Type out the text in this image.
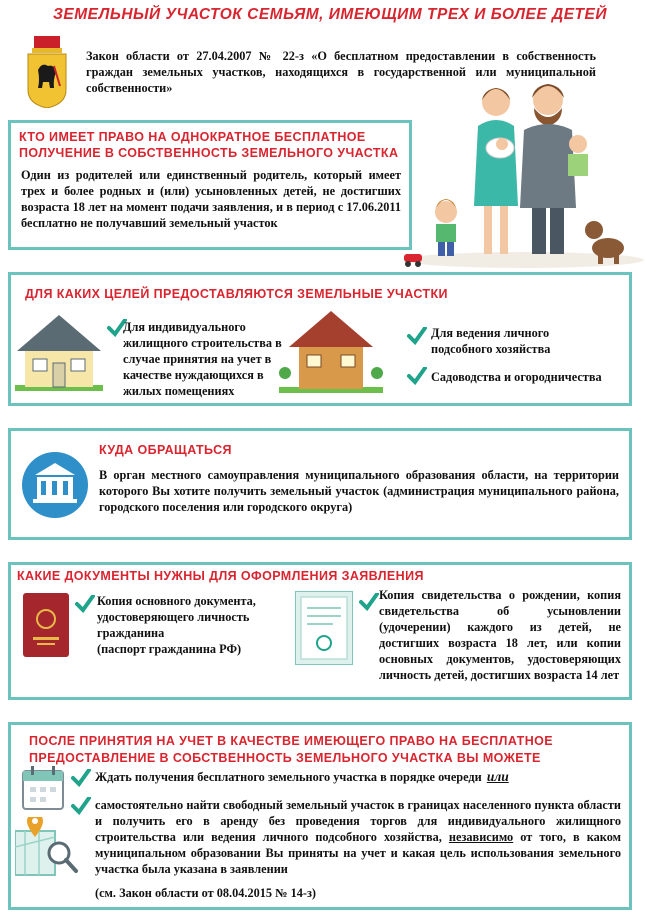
ЗЕМЕЛЬНЫЙ УЧАСТОК СЕМЬЯМ, ИМЕЮЩИМ ТРЕХ И БОЛЕЕ ДЕТЕЙ
Закон области от 27.04.2007 № 22-з «О бесплатном предоставлении в собственность граждан земельных участков, находящихся в государственной или муниципальной собственности»
КТО ИМЕЕТ ПРАВО НА ОДНОКРАТНОЕ БЕСПЛАТНОЕ
ПОЛУЧЕНИЕ В СОБСТВЕННОСТЬ ЗЕМЕЛЬНОГО УЧАСТКА
Один из родителей или единственный родитель, который имеет трех и более родных и (или) усыновленных детей, не достигших возраста 18 лет на момент подачи заявления, и в период с 17.06.2011 бесплатно не получавший земельный участок
ДЛЯ КАКИХ ЦЕЛЕЙ ПРЕДОСТАВЛЯЮТСЯ ЗЕМЕЛЬНЫЕ УЧАСТКИ
Для индивидуального жилищного строительства в случае принятия на учет в качестве нуждающихся в жилых помещениях
Для ведения личного подсобного хозяйства
Садоводства и огородничества
КУДА ОБРАЩАТЬСЯ
В орган местного самоуправления муниципального образования области, на территории которого Вы хотите получить земельный участок (администрация муниципального района, городского поселения или городского округа)
КАКИЕ ДОКУМЕНТЫ НУЖНЫ ДЛЯ ОФОРМЛЕНИЯ ЗАЯВЛЕНИЯ
Копия основного документа, удостоверяющего личность гражданина
(паспорт гражданина РФ)
Копия свидетельства о рождении, копия свидетельства об усыновлении (удочерении) каждого из детей, не достигших возраста 18 лет, или копии основных документов, удостоверяющих личность детей, достигших возраста 14 лет
ПОСЛЕ ПРИНЯТИЯ НА УЧЕТ В КАЧЕСТВЕ ИМЕЮЩЕГО ПРАВО НА БЕСПЛАТНОЕ
ПРЕДОСТАВЛЕНИЕ В СОБСТВЕННОСТЬ ЗЕМЕЛЬНОГО УЧАСТКА ВЫ МОЖЕТЕ
Ждать получения бесплатного земельного участка в порядке очереди или
самостоятельно найти свободный земельный участок в границах населенного пункта области и получить его в аренду без проведения торгов для индивидуального жилищного строительства или ведения личного подсобного хозяйства, независимо от того, в каком муниципальном образовании Вы приняты на учет и какая цель использования земельного участка была указана в заявлении
(см. Закон области от 08.04.2015 № 14-з)
